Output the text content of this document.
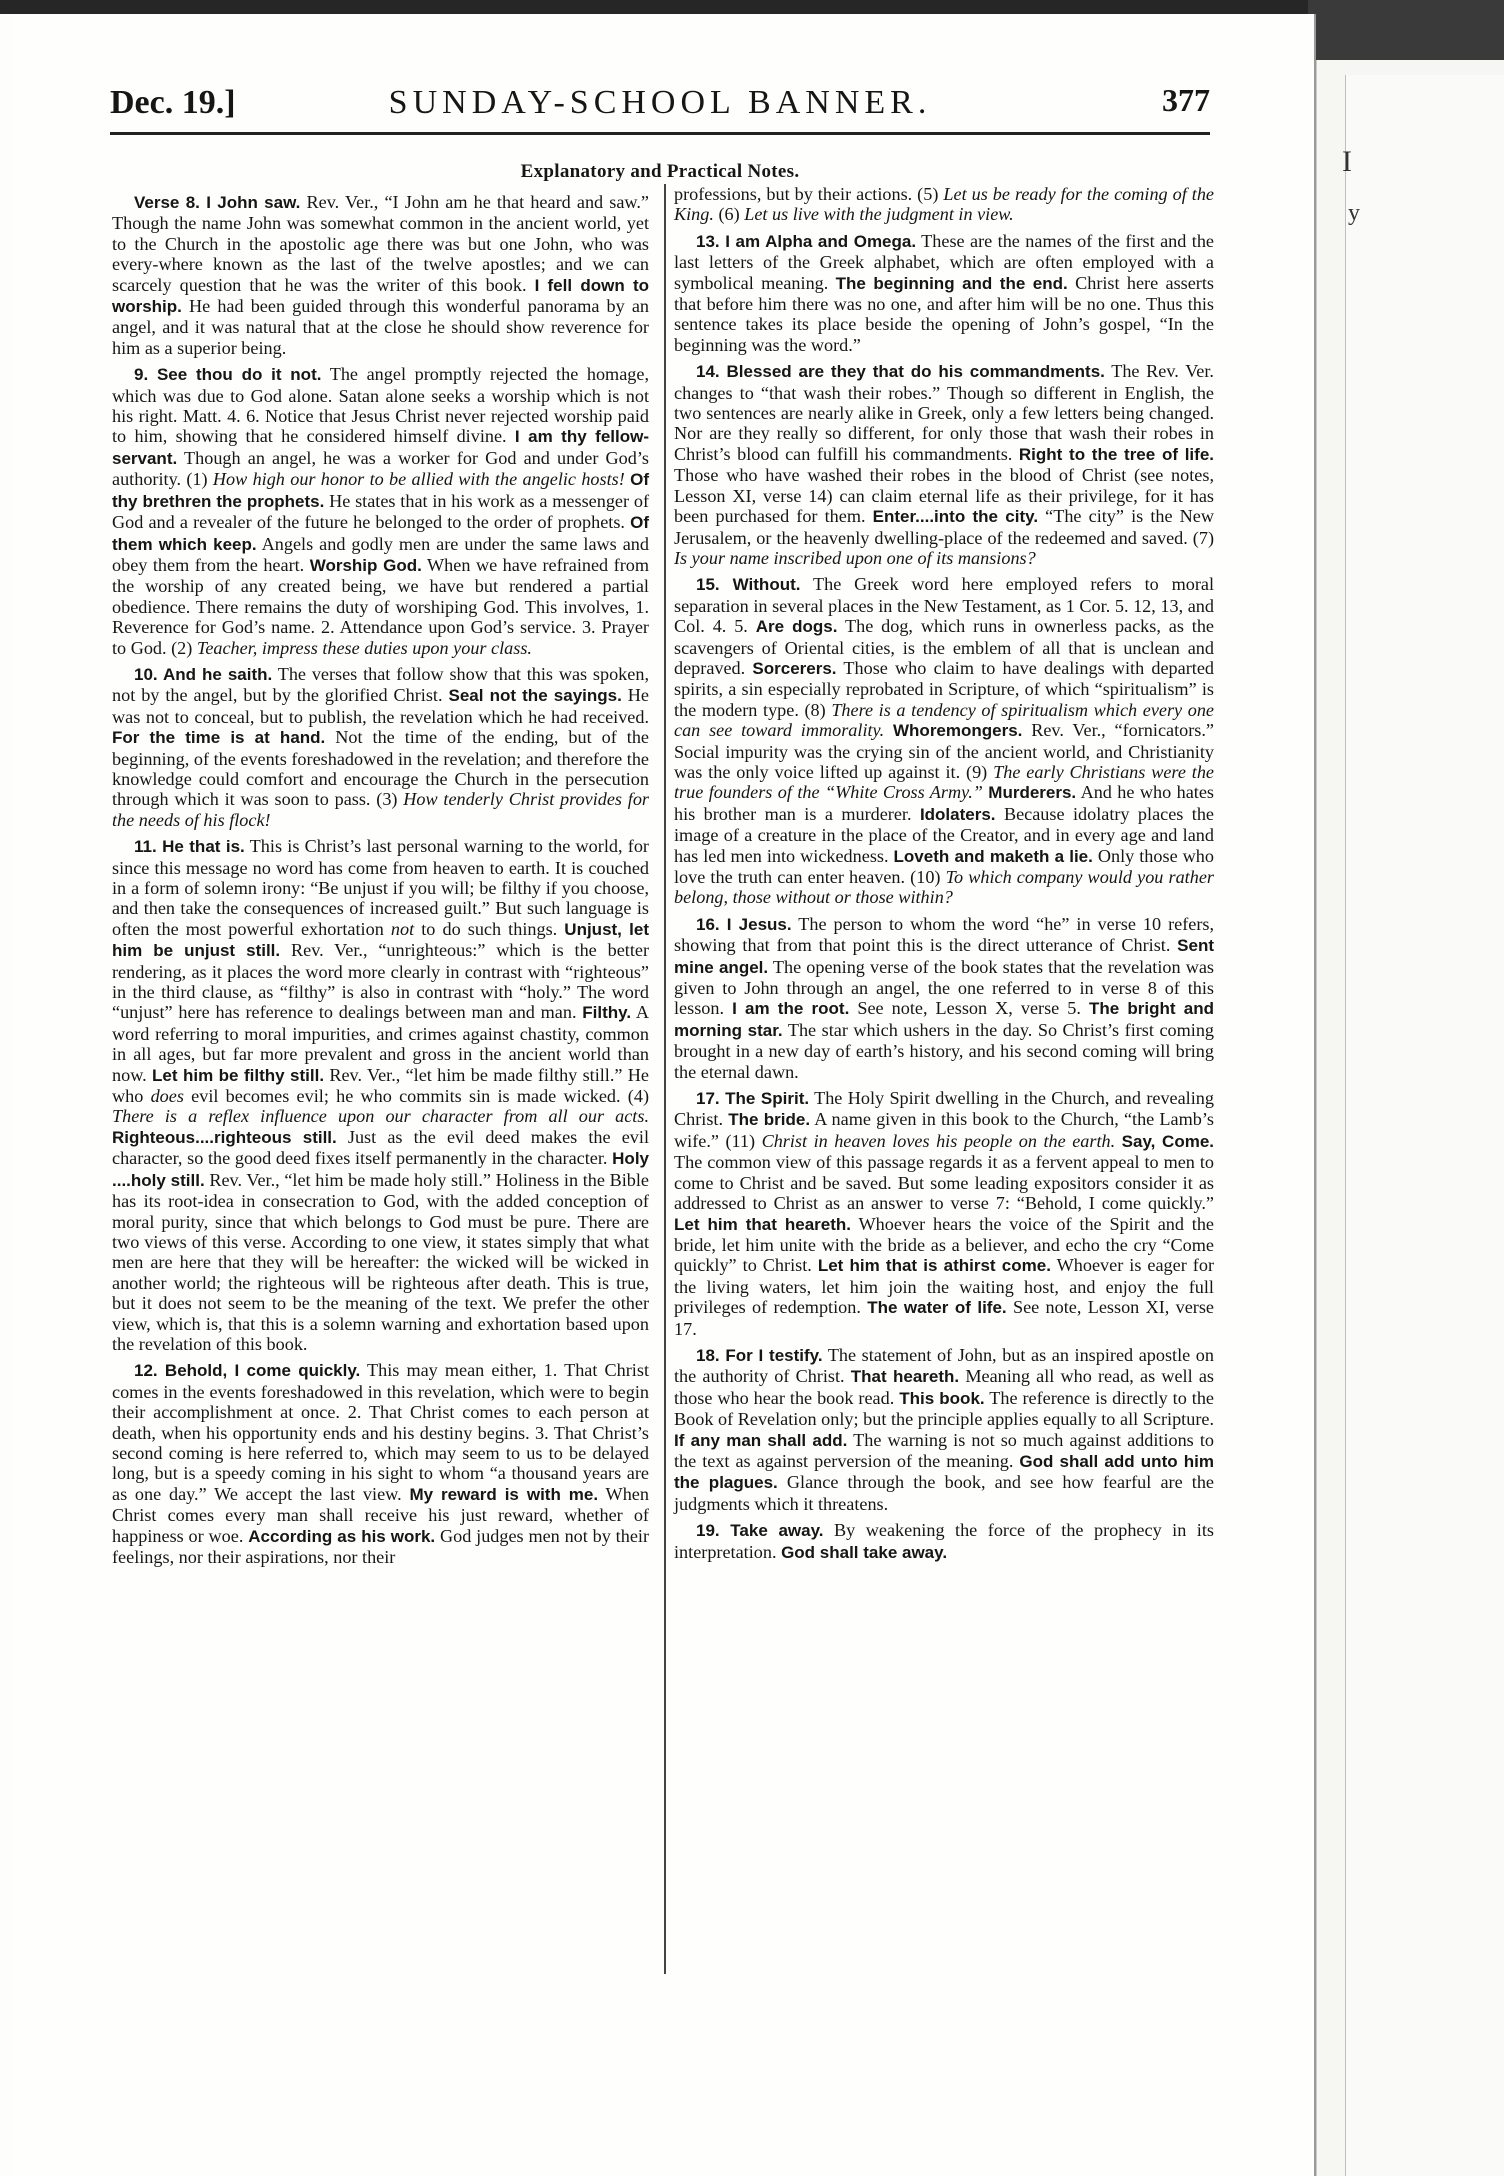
I
y
Dec. 19.]	SUNDAY-SCHOOL BANNER.	377
Explanatory and Practical Notes.

Verse 8. I John saw. Rev. Ver., “I John am he that heard and saw.” Though the name John was somewhat common in the ancient world, yet to the Church in the apostolic age there was but one John, who was every-where known as the last of the twelve apostles; and we can scarcely question that he was the writer of this book. I fell down to worship. He had been guided through this wonderful panorama by an angel, and it was natural that at the close he should show reverence for him as a superior being.

9. See thou do it not. The angel promptly rejected the homage, which was due to God alone. Satan alone seeks a worship which is not his right. Matt. 4. 6. Notice that Jesus Christ never rejected worship paid to him, showing that he considered himself divine. I am thy fellow-servant. Though an angel, he was a worker for God and under God’s authority. (1) How high our honor to be allied with the angelic hosts! Of thy brethren the prophets. He states that in his work as a messenger of God and a revealer of the future he belonged to the order of prophets. Of them which keep. Angels and godly men are under the same laws and obey them from the heart. Worship God. When we have refrained from the worship of any created being, we have but rendered a partial obedience. There remains the duty of worshiping God. This involves, 1. Reverence for God’s name. 2. Attendance upon God’s service. 3. Prayer to God. (2) Teacher, impress these duties upon your class.

10. And he saith. The verses that follow show that this was spoken, not by the angel, but by the glorified Christ. Seal not the sayings. He was not to conceal, but to publish, the revelation which he had received. For the time is at hand. Not the time of the ending, but of the beginning, of the events foreshadowed in the revelation; and therefore the knowledge could comfort and encourage the Church in the persecution through which it was soon to pass. (3) How tenderly Christ provides for the needs of his flock!

11. He that is. This is Christ’s last personal warning to the world, for since this message no word has come from heaven to earth. It is couched in a form of solemn irony: “Be unjust if you will; be filthy if you choose, and then take the consequences of increased guilt.” But such language is often the most powerful exhortation not to do such things. Unjust, let him be unjust still. Rev. Ver., “unrighteous:” which is the better rendering, as it places the word more clearly in contrast with “righteous” in the third clause, as “filthy” is also in contrast with “holy.” The word “unjust” here has reference to dealings between man and man. Filthy. A word referring to moral impurities, and crimes against chastity, common in all ages, but far more prevalent and gross in the ancient world than now. Let him be filthy still. Rev. Ver., “let him be made filthy still.” He who does evil becomes evil; he who commits sin is made wicked. (4) There is a reflex influence upon our character from all our acts. Righteous....righteous still. Just as the evil deed makes the evil character, so the good deed fixes itself permanently in the character. Holy ....holy still. Rev. Ver., “let him be made holy still.” Holiness in the Bible has its root-idea in consecration to God, with the added conception of moral purity, since that which belongs to God must be pure. There are two views of this verse. According to one view, it states simply that what men are here that they will be hereafter: the wicked will be wicked in another world; the righteous will be righteous after death. This is true, but it does not seem to be the meaning of the text. We prefer the other view, which is, that this is a solemn warning and exhortation based upon the revelation of this book.

12. Behold, I come quickly. This may mean either, 1. That Christ comes in the events foreshadowed in this revelation, which were to begin their accomplishment at once. 2. That Christ comes to each person at death, when his opportunity ends and his destiny begins. 3. That Christ’s second coming is here referred to, which may seem to us to be delayed long, but is a speedy coming in his sight to whom “a thousand years are as one day.” We accept the last view. My reward is with me. When Christ comes every man shall receive his just reward, whether of happiness or woe. According as his work. God judges men not by their feelings, nor their aspirations, nor their

professions, but by their actions. (5) Let us be ready for the coming of the King. (6) Let us live with the judgment in view.

13. I am Alpha and Omega. These are the names of the first and the last letters of the Greek alphabet, which are often employed with a symbolical meaning. The beginning and the end. Christ here asserts that before him there was no one, and after him will be no one. Thus this sentence takes its place beside the opening of John’s gospel, “In the beginning was the word.”

14. Blessed are they that do his commandments. The Rev. Ver. changes to “that wash their robes.” Though so different in English, the two sentences are nearly alike in Greek, only a few letters being changed. Nor are they really so different, for only those that wash their robes in Christ’s blood can fulfill his commandments. Right to the tree of life. Those who have washed their robes in the blood of Christ (see notes, Lesson XI, verse 14) can claim eternal life as their privilege, for it has been purchased for them. Enter....into the city. “The city” is the New Jerusalem, or the heavenly dwelling-place of the redeemed and saved. (7) Is your name inscribed upon one of its mansions?

15. Without. The Greek word here employed refers to moral separation in several places in the New Testament, as 1 Cor. 5. 12, 13, and Col. 4. 5. Are dogs. The dog, which runs in ownerless packs, as the scavengers of Oriental cities, is the emblem of all that is unclean and depraved. Sorcerers. Those who claim to have dealings with departed spirits, a sin especially reprobated in Scripture, of which “spiritualism” is the modern type. (8) There is a tendency of spiritualism which every one can see toward immorality. Whoremongers. Rev. Ver., “fornicators.” Social impurity was the crying sin of the ancient world, and Christianity was the only voice lifted up against it. (9) The early Christians were the true founders of the “White Cross Army.” Murderers. And he who hates his brother man is a murderer. Idolaters. Because idolatry places the image of a creature in the place of the Creator, and in every age and land has led men into wickedness. Loveth and maketh a lie. Only those who love the truth can enter heaven. (10) To which company would you rather belong, those without or those within?

16. I Jesus. The person to whom the word “he” in verse 10 refers, showing that from that point this is the direct utterance of Christ. Sent mine angel. The opening verse of the book states that the revelation was given to John through an angel, the one referred to in verse 8 of this lesson. I am the root. See note, Lesson X, verse 5. The bright and morning star. The star which ushers in the day. So Christ’s first coming brought in a new day of earth’s history, and his second coming will bring the eternal dawn.

17. The Spirit. The Holy Spirit dwelling in the Church, and revealing Christ. The bride. A name given in this book to the Church, “the Lamb’s wife.” (11) Christ in heaven loves his people on the earth. Say, Come. The common view of this passage regards it as a fervent appeal to men to come to Christ and be saved. But some leading expositors consider it as addressed to Christ as an answer to verse 7: “Behold, I come quickly.” Let him that heareth. Whoever hears the voice of the Spirit and the bride, let him unite with the bride as a believer, and echo the cry “Come quickly” to Christ. Let him that is athirst come. Whoever is eager for the living waters, let him join the waiting host, and enjoy the full privileges of redemption. The water of life. See note, Lesson XI, verse 17.

18. For I testify. The statement of John, but as an inspired apostle on the authority of Christ. That heareth. Meaning all who read, as well as those who hear the book read. This book. The reference is directly to the Book of Revelation only; but the principle applies equally to all Scripture. If any man shall add. The warning is not so much against additions to the text as against perversion of the meaning. God shall add unto him the plagues. Glance through the book, and see how fearful are the judgments which it threatens.

19. Take away. By weakening the force of the prophecy in its interpretation. God shall take away.
